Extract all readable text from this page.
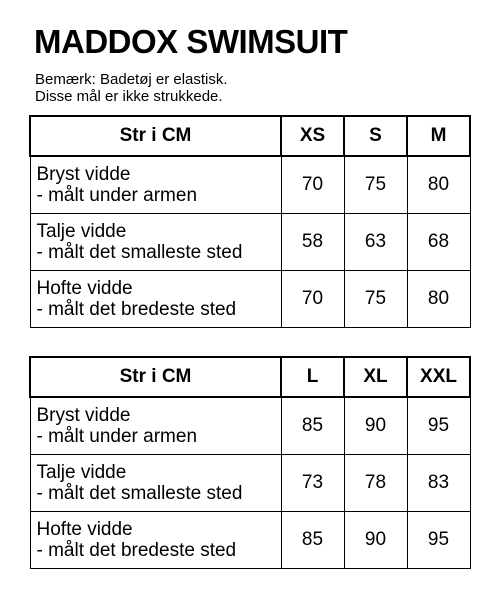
MADDOX SWIMSUIT
Bemærk: Badetøj er elastisk.
Disse mål er ikke strukkede.
Str i CM	XS	S	M

Bryst vidde
- målt under armen	70	75	80

Talje vidde
- målt det smalleste sted	58	63	68

Hofte vidde
- målt det bredeste sted	70	75	80
Str i CM	L	XL	XXL

Bryst vidde
- målt under armen	85	90	95

Talje vidde
- målt det smalleste sted	73	78	83

Hofte vidde
- målt det bredeste sted	85	90	95
